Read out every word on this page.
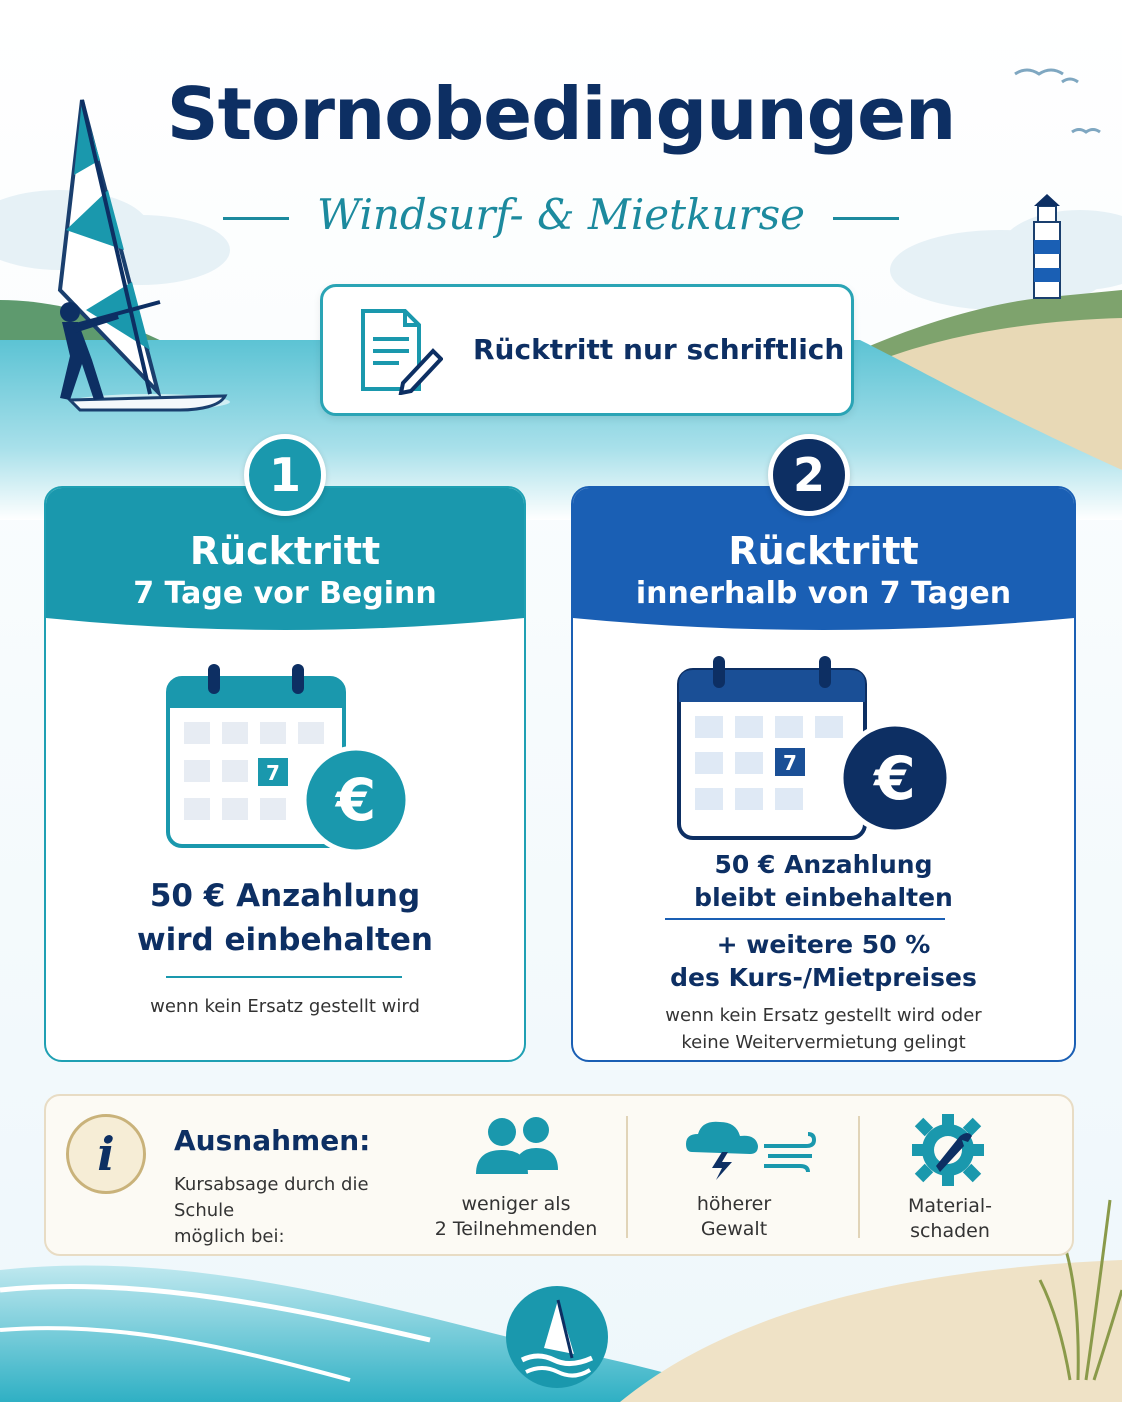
Stornobedingungen
Windsurf- & Mietkurse
Rücktritt nur schriftlich
Rücktritt
7 Tage vor Beginn
7 €
50 € Anzahlung
wird einbehalten
wenn kein Ersatz gestellt wird
1
Rücktritt
innerhalb von 7 Tagen
7 €
50 € Anzahlung
bleibt einbehalten
+ weitere 50 %
des Kurs-/Mietpreises
wenn kein Ersatz gestellt wird oder
keine Weitervermietung gelingt
2
i	Ausnahmen:
Kursabsage durch die Schule
möglich bei:
weniger als
2 Teilnehmenden
höherer
Gewalt
Material-
schaden
